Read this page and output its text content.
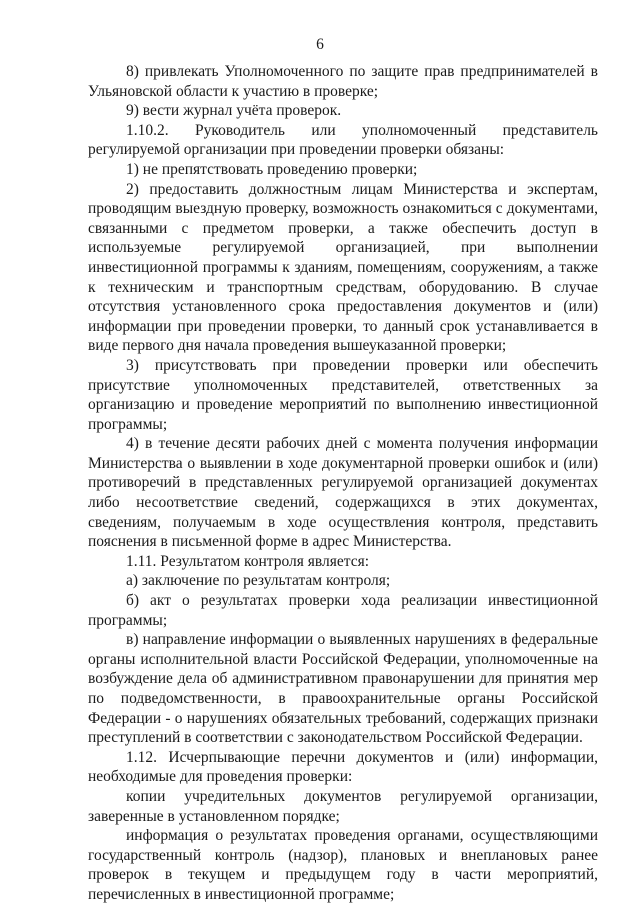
6

8) привлекать Уполномоченного по защите прав предпринимателей в Ульяновской области к участию в проверке;

9) вести журнал учёта проверок.

1.10.2. Руководитель или уполномоченный представитель регулируемой организации при проведении проверки обязаны:

1) не препятствовать проведению проверки;

2) предоставить должностным лицам Министерства и экспертам, проводящим выездную проверку, возможность ознакомиться с документами, связанными с предметом проверки, а также обеспечить доступ в используемые регулируемой организацией, при выполнении инвестиционной программы к зданиям, помещениям, сооружениям, а также к техническим и транспортным средствам, оборудованию. В случае отсутствия установленного срока предоставления документов и (или) информации при проведении проверки, то данный срок устанавливается в виде первого дня начала проведения вышеуказанной проверки;

3) присутствовать при проведении проверки или обеспечить присутствие уполномоченных представителей, ответственных за организацию и проведение мероприятий по выполнению инвестиционной программы;

4) в течение десяти рабочих дней с момента получения информации Министерства о выявлении в ходе документарной проверки ошибок и (или) противоречий в представленных регулируемой организацией документах либо несоответствие сведений, содержащихся в этих документах, сведениям, получаемым в ходе осуществления контроля, представить пояснения в письменной форме в адрес Министерства.

1.11. Результатом контроля является:

а) заключение по результатам контроля;

б) акт о результатах проверки хода реализации инвестиционной программы;

в) направление информации о выявленных нарушениях в федеральные органы исполнительной власти Российской Федерации, уполномоченные на возбуждение дела об административном правонарушении для принятия мер по подведомственности, в правоохранительные органы Российской Федерации - о нарушениях обязательных требований, содержащих признаки преступлений в соответствии с законодательством Российской Федерации.

1.12. Исчерпывающие перечни документов и (или) информации, необходимые для проведения проверки:

копии учредительных документов регулируемой организации, заверенные в установленном порядке;

информация о результатах проведения органами, осуществляющими государственный контроль (надзор), плановых и внеплановых ранее проверок в текущем и предыдущем году в части мероприятий, перечисленных в инвестиционной программе;
